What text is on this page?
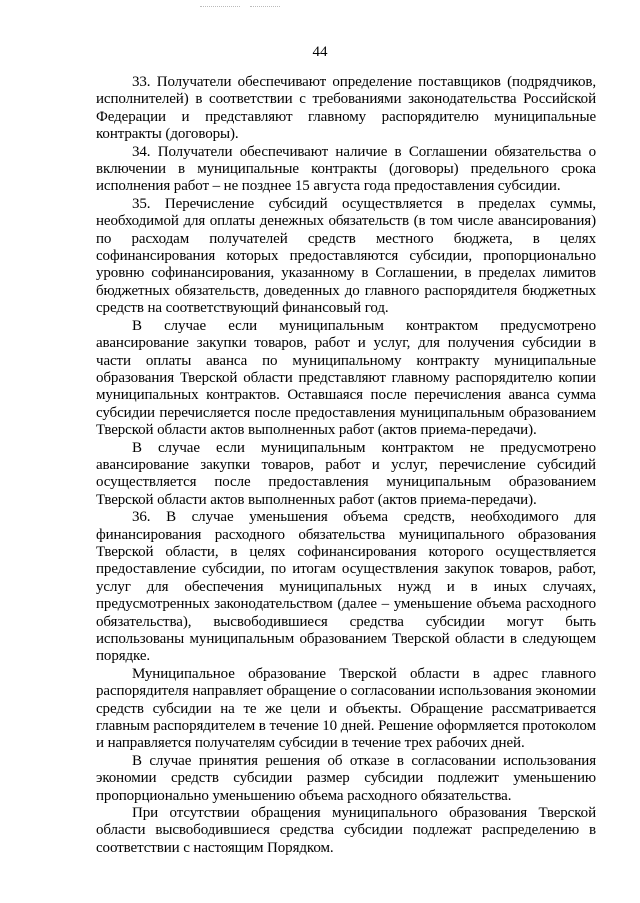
44

33. Получатели обеспечивают определение поставщиков (подрядчиков, исполнителей) в соответствии с требованиями законодательства Российской Федерации и представляют главному распорядителю муниципальные контракты (договоры).

34. Получатели обеспечивают наличие в Соглашении обязательства о включении в муниципальные контракты (договоры) предельного срока исполнения работ – не позднее 15 августа года предоставления субсидии.

35. Перечисление субсидий осуществляется в пределах суммы, необходимой для оплаты денежных обязательств (в том числе авансирования) по расходам получателей средств местного бюджета, в целях софинансирования которых предоставляются субсидии, пропорционально уровню софинансирования, указанному в Соглашении, в пределах лимитов бюджетных обязательств, доведенных до главного распорядителя бюджетных средств на соответствующий финансовый год.

В случае если муниципальным контрактом предусмотрено авансирование закупки товаров, работ и услуг, для получения субсидии в части оплаты аванса по муниципальному контракту муниципальные образования Тверской области представляют главному распорядителю копии муниципальных контрактов. Оставшаяся после перечисления аванса сумма субсидии перечисляется после предоставления муниципальным образованием Тверской области актов выполненных работ (актов приема-передачи).

В случае если муниципальным контрактом не предусмотрено авансирование закупки товаров, работ и услуг, перечисление субсидий осуществляется после предоставления муниципальным образованием Тверской области актов выполненных работ (актов приема-передачи).

36. В случае уменьшения объема средств, необходимого для финансирования расходного обязательства муниципального образования Тверской области, в целях софинансирования которого осуществляется предоставление субсидии, по итогам осуществления закупок товаров, работ, услуг для обеспечения муниципальных нужд и в иных случаях, предусмотренных законодательством (далее – уменьшение объема расходного обязательства), высвободившиеся средства субсидии могут быть использованы муниципальным образованием Тверской области в следующем порядке.

Муниципальное образование Тверской области в адрес главного распорядителя направляет обращение о согласовании использования экономии средств субсидии на те же цели и объекты. Обращение рассматривается главным распорядителем в течение 10 дней. Решение оформляется протоколом и направляется получателям субсидии в течение трех рабочих дней.

В случае принятия решения об отказе в согласовании использования экономии средств субсидии размер субсидии подлежит уменьшению пропорционально уменьшению объема расходного обязательства.

При отсутствии обращения муниципального образования Тверской области высвободившиеся средства субсидии подлежат распределению в соответствии с настоящим Порядком.
